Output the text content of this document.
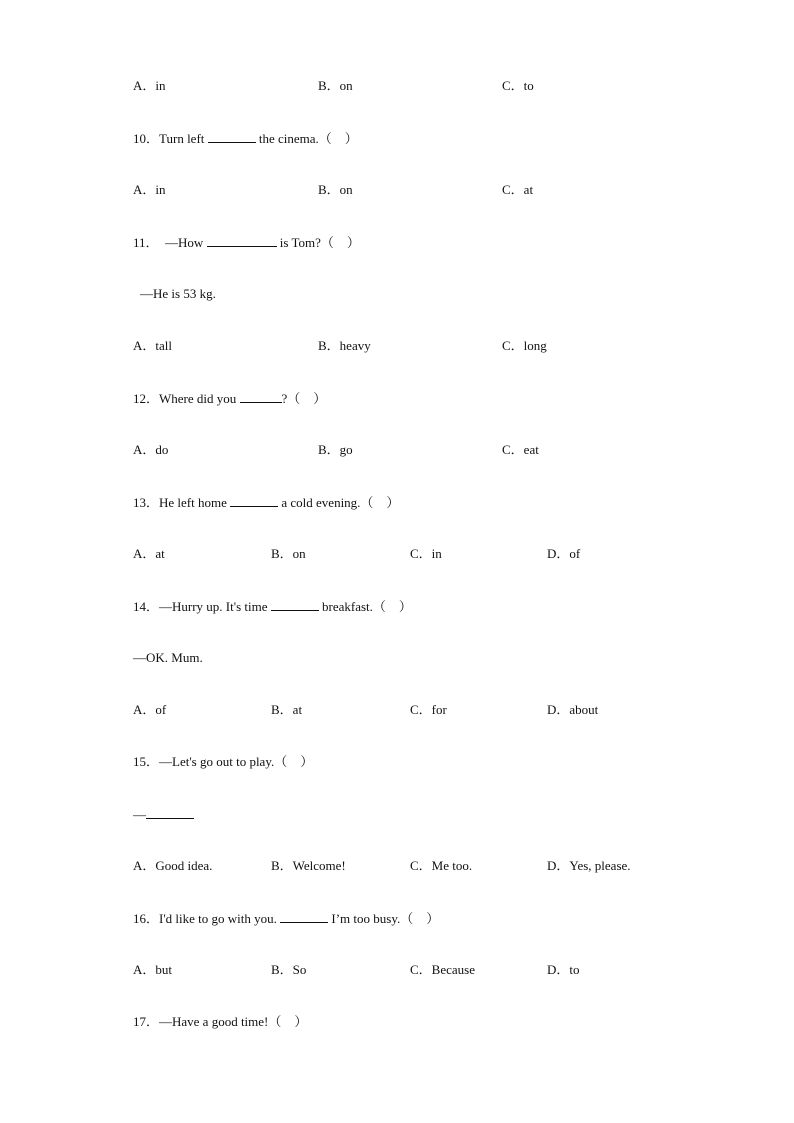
A．in	B．on	C．to
10．Turn left	the cinema.（　）
A．in	B．on	C．at
11．　—How	is Tom?（　）
—He is 53 kg.
A．tall	B．heavy	C．long
12．Where did you	?（　）
A．do	B．go	C．eat
13．He left home	a cold evening.（　）
A．at	B．on	C．in	D．of
14．—Hurry up. It's time	breakfast.（　）
—OK. Mum.
A．of	B．at	C．for	D．about
15．—Let's go out to play.（　）
—
A．Good idea.	B．Welcome!	C．Me too.	D．Yes, please.
16．I'd like to go with you.	I’m too busy.（　）
A．but	B．So	C．Because	D．to
17．—Have a good time!（　）
